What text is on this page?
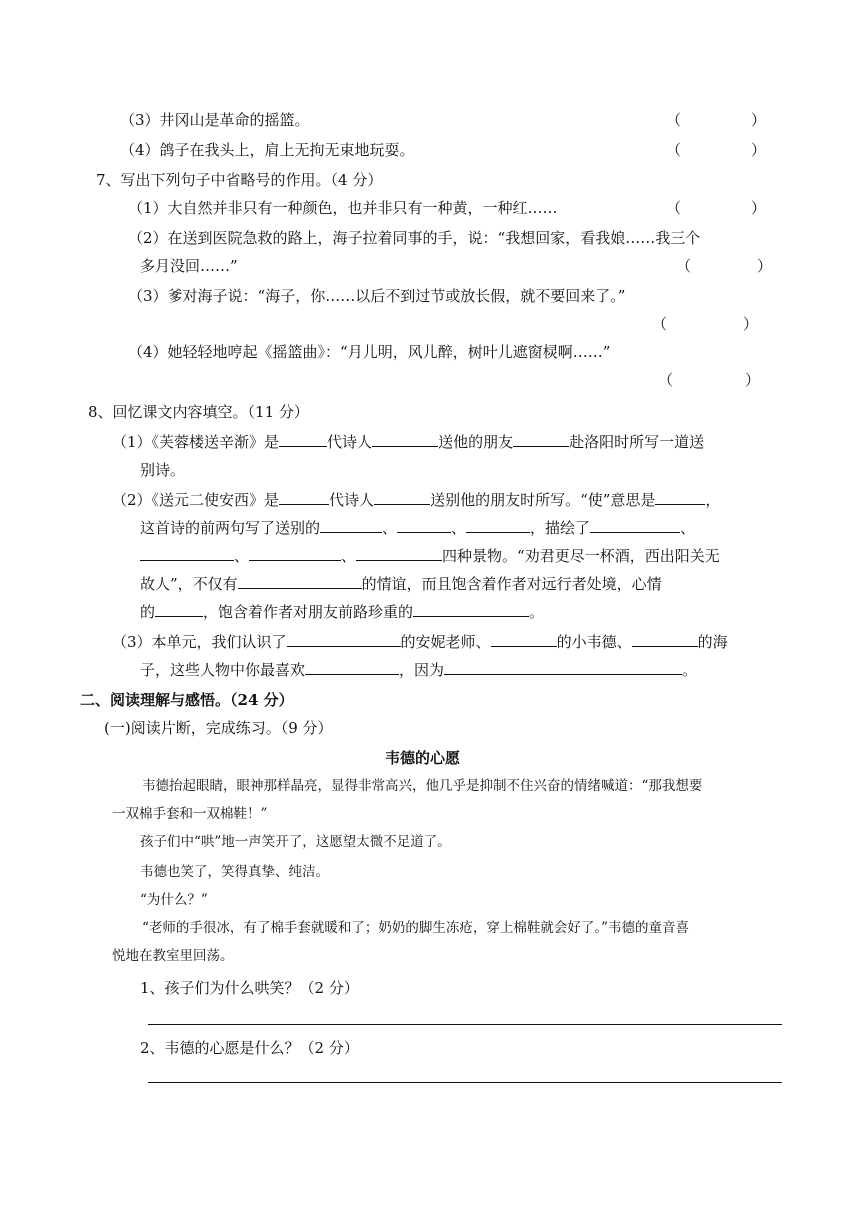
（3）井冈山是革命的摇篮。	（	）
（4）鸽子在我头上，肩上无拘无束地玩耍。	（	）
7、写出下列句子中省略号的作用。（4 分）
（1）大自然并非只有一种颜色，也并非只有一种黄，一种红……	（	）
（2）在送到医院急救的路上，海子拉着同事的手，说：“我想回家，看我娘……我三个
多月没回……”	（	）
（3）爹对海子说：“海子，你……以后不到过节或放长假，就不要回来了。”
（	）
（4）她轻轻地哼起《摇篮曲》：“月儿明，风儿醉，树叶儿遮窗棂啊……”
（	）
8、回忆课文内容填空。（11 分）
（1）《芙蓉楼送辛渐》是	代诗人	送他的朋友	赴洛阳时所写一道送
别诗。
（2）《送元二使安西》是	代诗人	送别他的朋友时所写。“使”意思是	，
这首诗的前两句写了送别的	、	、	，描绘了	、
、	、	四种景物。“劝君更尽一杯酒，西出阳关无
故人”，不仅有	的情谊，而且饱含着作者对远行者处境，心情
的	，饱含着作者对朋友前路珍重的	。
（3）本单元，我们认识了	的安妮老师、	的小韦德、	的海
子，这些人物中你最喜欢	，因为	。
二、阅读理解与感悟。（24 分）
(一)阅读片断，完成练习。（9 分）
韦德的心愿
韦德抬起眼睛，眼神那样晶亮，显得非常高兴，他几乎是抑制不住兴奋的情绪喊道：“那我想要
一双棉手套和一双棉鞋！”
孩子们中“哄”地一声笑开了，这愿望太微不足道了。
韦德也笑了，笑得真挚、纯洁。
“为什么？”
“老师的手很冰，有了棉手套就暖和了；奶奶的脚生冻疮，穿上棉鞋就会好了。”韦德的童音喜
悦地在教室里回荡。
1、孩子们为什么哄笑？（2 分）
2、韦德的心愿是什么？（2 分）
